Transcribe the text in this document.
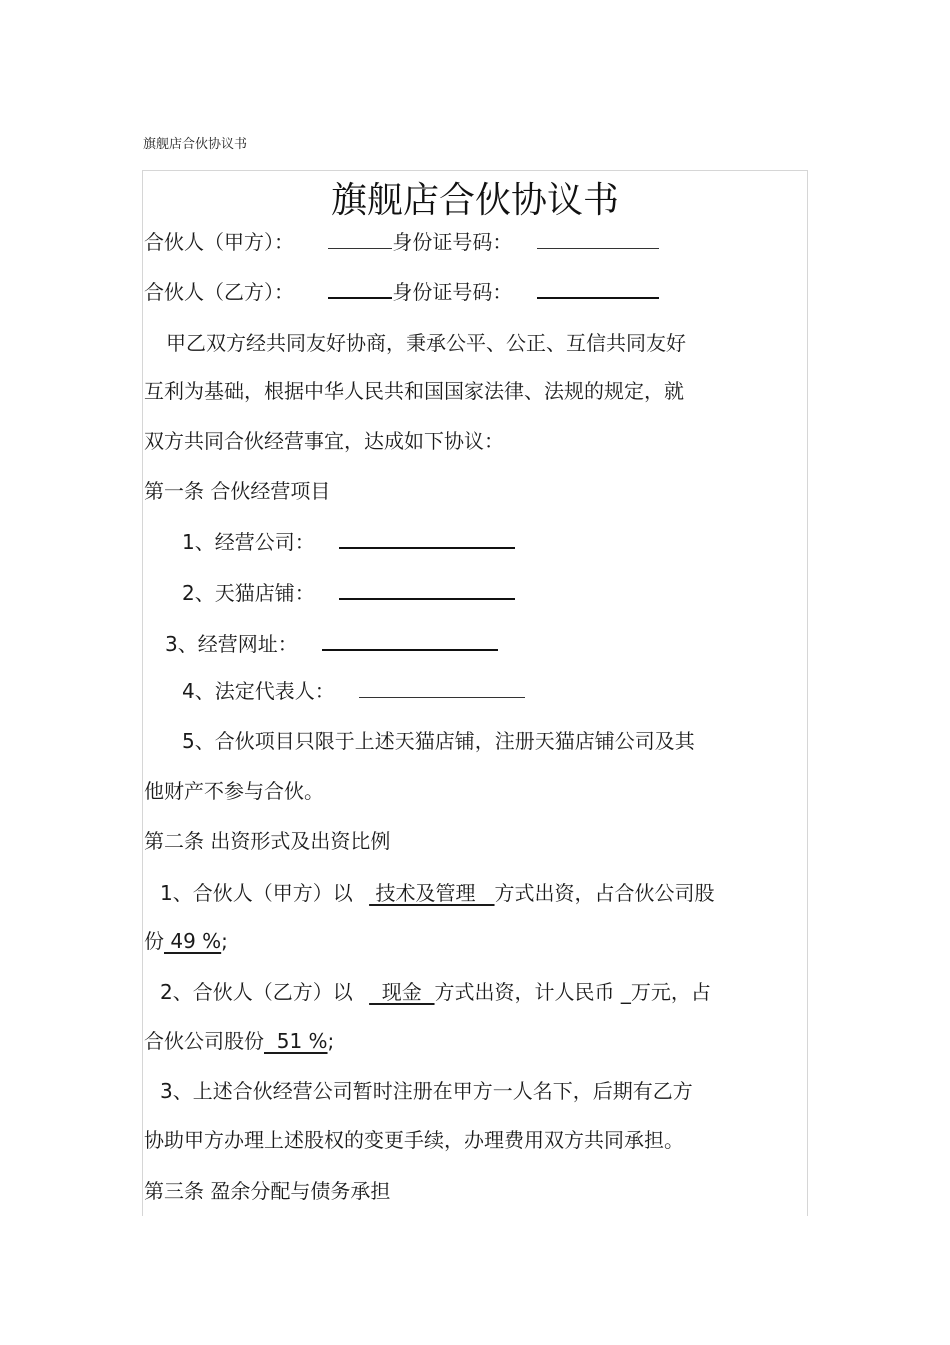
旗舰店合伙协议书
旗舰店合伙协议书
合伙人（甲方）：	身份证号码：
合伙人（乙方）：	身份证号码：
甲乙双方经共同友好协商，秉承公平、公正、互信共同友好
互利为基础，根据中华人民共和国国家法律、法规的规定，就
双方共同合伙经营事宜，达成如下协议：
第一条 合伙经营项目
1、经营公司：
2、天猫店铺：
3、经营网址：
4、法定代表人：
5、合伙项目只限于上述天猫店铺，注册天猫店铺公司及其
他财产不参与合伙。
第二条 出资形式及出资比例
1、合伙人（甲方）以  技术及管理   方式出资，占合伙公司股
份 49 %;
2、合伙人（乙方）以   现金  方式出资，计人民币 _万元，占
合伙公司股份  51 %;
3、上述合伙经营公司暂时注册在甲方一人名下，后期有乙方
协助甲方办理上述股权的变更手续，办理费用双方共同承担。
第三条 盈余分配与债务承担
